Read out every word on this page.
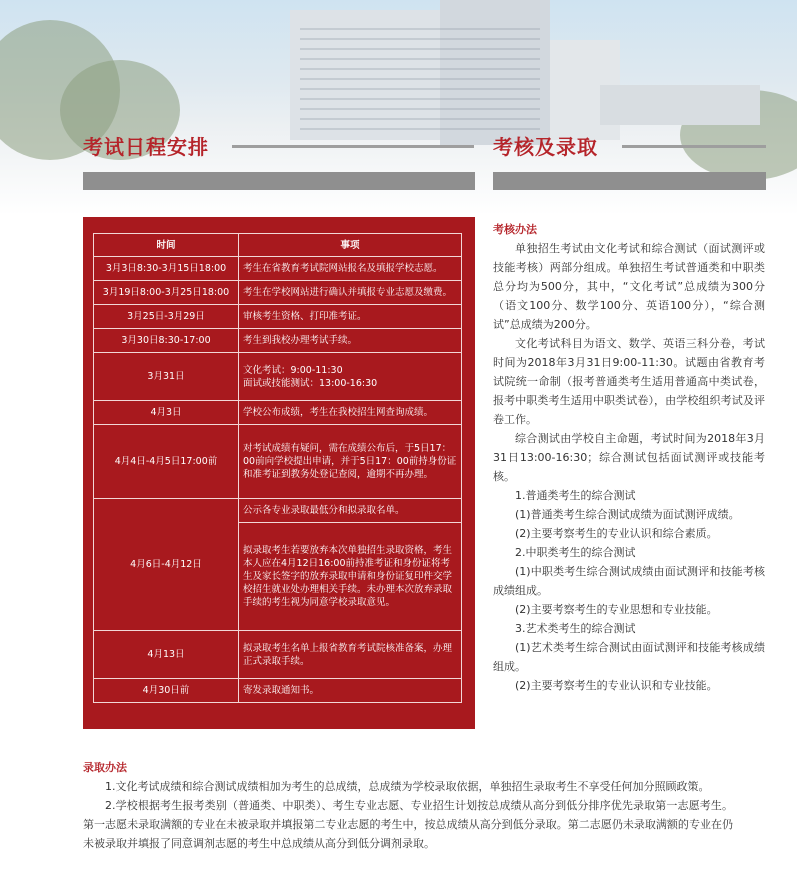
考试日程安排	考核及录取
时间	事项
3月3日8:30-3月15日18:00	考生在省教育考试院网站报名及填报学校志愿。
3月19日8:00-3月25日18:00	考生在学校网站进行确认并填报专业志愿及缴费。
3月25日-3月29日	审核考生资格、打印准考证。
3月30日8:30-17:00	考生到我校办理考试手续。
3月31日	文化考试：9:00-11:30
面试或技能测试：13:00-16:30
4月3日	学校公布成绩，考生在我校招生网查询成绩。
4月4日-4月5日17:00前	对考试成绩有疑问，需在成绩公布后，于5日17：00前向学校提出申请，并于5日17：00前持身份证和准考证到教务处登记查阅，逾期不再办理。
4月6日-4月12日	公示各专业录取最低分和拟录取名单。
	拟录取考生若要放弃本次单独招生录取资格，考生本人应在4月12日16:00前持准考证和身份证将考生及家长签字的放弃录取申请和身份证复印件交学校招生就业处办理相关手续。未办理本次放弃录取手续的考生视为同意学校录取意见。
4月13日	拟录取考生名单上报省教育考试院核准备案，办理正式录取手续。
4月30日前	寄发录取通知书。

考核办法

单独招生考试由文化考试和综合测试（面试测评或技能考核）两部分组成。单独招生考试普通类和中职类总分均为500分，其中，“文化考试”总成绩为300分（语文100分、数学100分、英语100分），“综合测试”总成绩为200分。

文化考试科目为语文、数学、英语三科分卷，考试时间为2018年3月31日9:00-11:30。试题由省教育考试院统一命制（报考普通类考生适用普通高中类试卷，报考中职类考生适用中职类试卷），由学校组织考试及评卷工作。

综合测试由学校自主命题，考试时间为2018年3月31日13:00-16:30；综合测试包括面试测评或技能考核。

1.普通类考生的综合测试

(1)普通类考生综合测试成绩为面试测评成绩。

(2)主要考察考生的专业认识和综合素质。

2.中职类考生的综合测试

(1)中职类考生综合测试成绩由面试测评和技能考核成绩组成。

(2)主要考察考生的专业思想和专业技能。

3.艺术类考生的综合测试

(1)艺术类考生综合测试由面试测评和技能考核成绩组成。

(2)主要考察考生的专业认识和专业技能。

录取办法

1.文化考试成绩和综合测试成绩相加为考生的总成绩，总成绩为学校录取依据，单独招生录取考生不享受任何加分照顾政策。

2.学校根据考生报考类别（普通类、中职类）、考生专业志愿、专业招生计划按总成绩从高分到低分排序优先录取第一志愿考生。第一志愿未录取满额的专业在未被录取并填报第二专业志愿的考生中，按总成绩从高分到低分录取。第二志愿仍未录取满额的专业在仍未被录取并填报了同意调剂志愿的考生中总成绩从高分到低分调剂录取。
